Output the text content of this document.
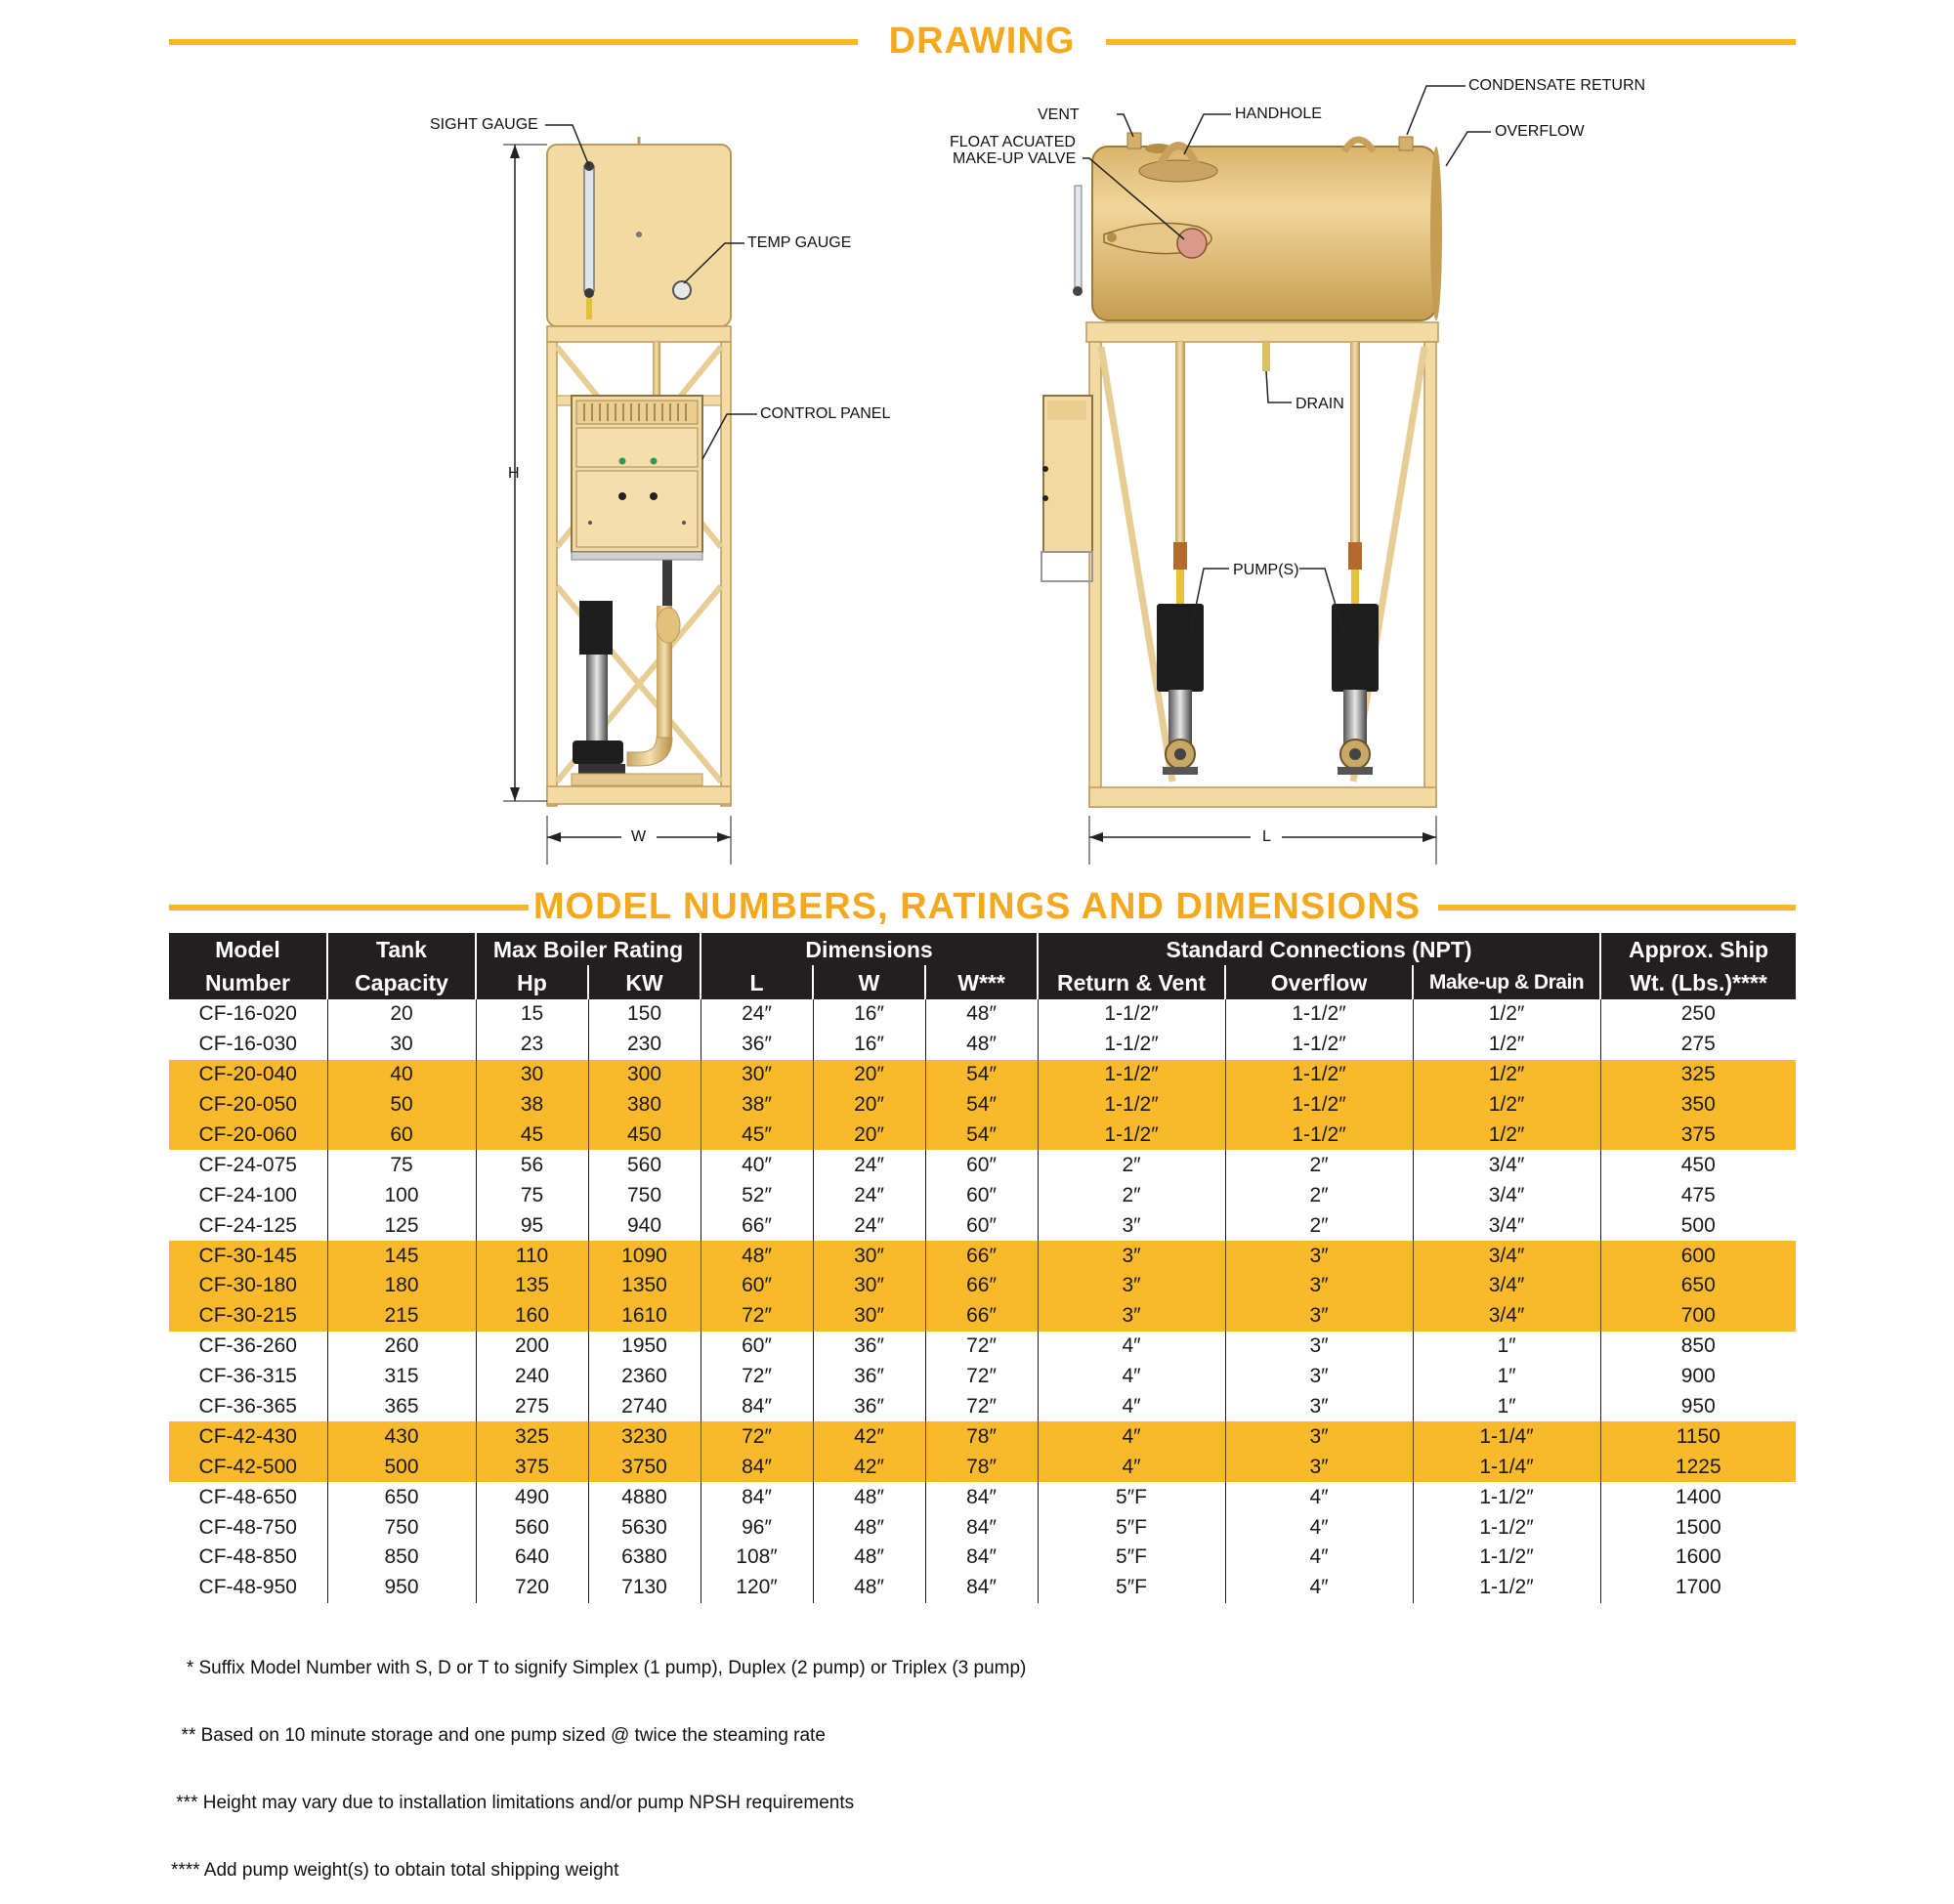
DRAWING
SIGHT GAUGE
TEMP GAUGE
CONTROL PANEL
H
W
VENT	HANDHOLE
CONDENSATE RETURN
OVERFLOW
FLOAT ACUATED
MAKE-UP VALVE
DRAIN
PUMP(S)
L
MODEL NUMBERS, RATINGS AND DIMENSIONS
Model	Tank	Max Boiler Rating		Dimensions			Standard Connections (NPT)			Approx. Ship
Number	Capacity	Hp	KW	L	W	W***	Return & Vent	Overflow	Make-up & Drain	Wt. (Lbs.)****
CF-16-020	20	15	150	24″	16″	48″	1-1/2″	1-1/2″	1/2″	250
CF-16-030	30	23	230	36″	16″	48″	1-1/2″	1-1/2″	1/2″	275
CF-20-040	40	30	300	30″	20″	54″	1-1/2″	1-1/2″	1/2″	325
CF-20-050	50	38	380	38″	20″	54″	1-1/2″	1-1/2″	1/2″	350
CF-20-060	60	45	450	45″	20″	54″	1-1/2″	1-1/2″	1/2″	375
CF-24-075	75	56	560	40″	24″	60″	2″	2″	3/4″	450
CF-24-100	100	75	750	52″	24″	60″	2″	2″	3/4″	475
CF-24-125	125	95	940	66″	24″	60″	3″	2″	3/4″	500
CF-30-145	145	110	1090	48″	30″	66″	3″	3″	3/4″	600
CF-30-180	180	135	1350	60″	30″	66″	3″	3″	3/4″	650
CF-30-215	215	160	1610	72″	30″	66″	3″	3″	3/4″	700
CF-36-260	260	200	1950	60″	36″	72″	4″	3″	1″	850
CF-36-315	315	240	2360	72″	36″	72″	4″	3″	1″	900
CF-36-365	365	275	2740	84″	36″	72″	4″	3″	1″	950
CF-42-430	430	325	3230	72″	42″	78″	4″	3″	1-1/4″	1150
CF-42-500	500	375	3750	84″	42″	78″	4″	3″	1-1/4″	1225
CF-48-650	650	490	4880	84″	48″	84″	5″F	4″	1-1/2″	1400
CF-48-750	750	560	5630	96″	48″	84″	5″F	4″	1-1/2″	1500
CF-48-850	850	640	6380	108″	48″	84″	5″F	4″	1-1/2″	1600
CF-48-950	950	720	7130	120″	48″	84″	5″F	4″	1-1/2″	1700

* Suffix Model Number with S, D or T to signify Simplex (1 pump), Duplex (2 pump) or Triplex (3 pump)

** Based on 10 minute storage and one pump sized @ twice the steaming rate

*** Height may vary due to installation limitations and/or pump NPSH requirements

**** Add pump weight(s) to obtain total shipping weight
